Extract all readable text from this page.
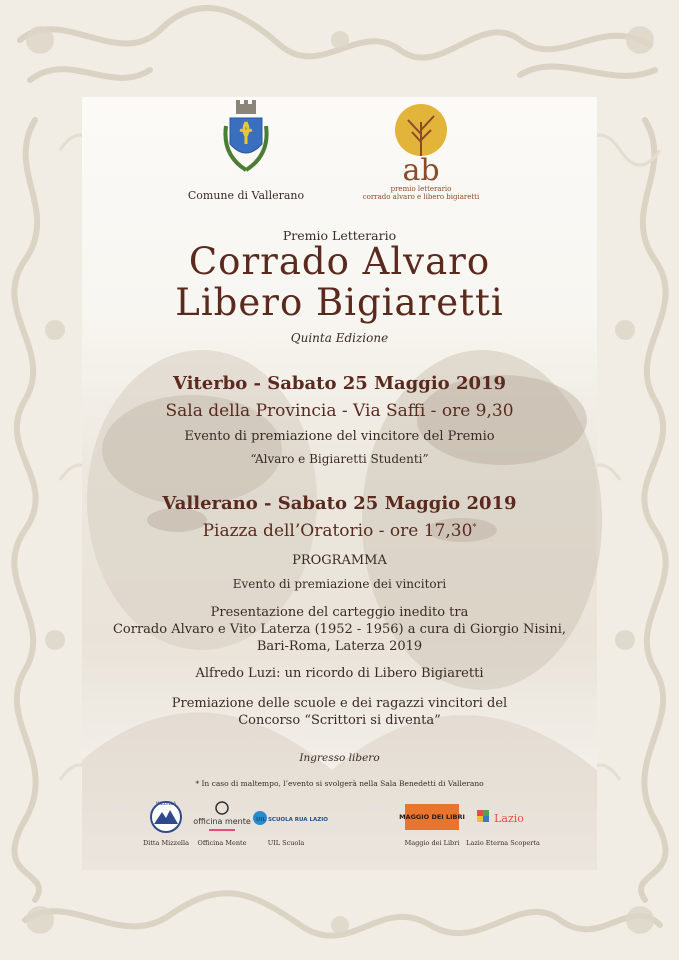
Comune di Vallerano
ab
premio letterario
corrado alvaro e libero bigiaretti
Premio Letterario
Corrado Alvaro
Libero Bigiaretti
Quinta Edizione
Viterbo - Sabato 25 Maggio 2019
Sala della Provincia - Via Saffi - ore 9,30
Evento di premiazione del vincitore del Premio
“Alvaro e Bigiaretti Studenti”
Vallerano - Sabato 25 Maggio 2019
Piazza dell’Oratorio - ore 17,30*
PROGRAMMA
Evento di premiazione dei vincitori
Presentazione del carteggio inedito tra
Corrado Alvaro e Vito Laterza (1952 - 1956) a cura di Giorgio Nisini,
Bari-Roma, Laterza 2019
Alfredo Luzi: un ricordo di Libero Bigiaretti
Premiazione delle scuole e dei ragazzi vincitori del
Concorso “Scrittori si diventa”
Ingresso libero
* In caso di maltempo, l’evento si svolgerà nella Sala Benedetti di Vallerano
MIZZELLA
Ditta Mizzella
officina mente
Officina Mente
UIL SCUOLA RUA LAZIO
UIL Scuola
MAGGIO DEI LIBRI
Maggio dei Libri
Lazio
Lazio Eterna Scoperta
